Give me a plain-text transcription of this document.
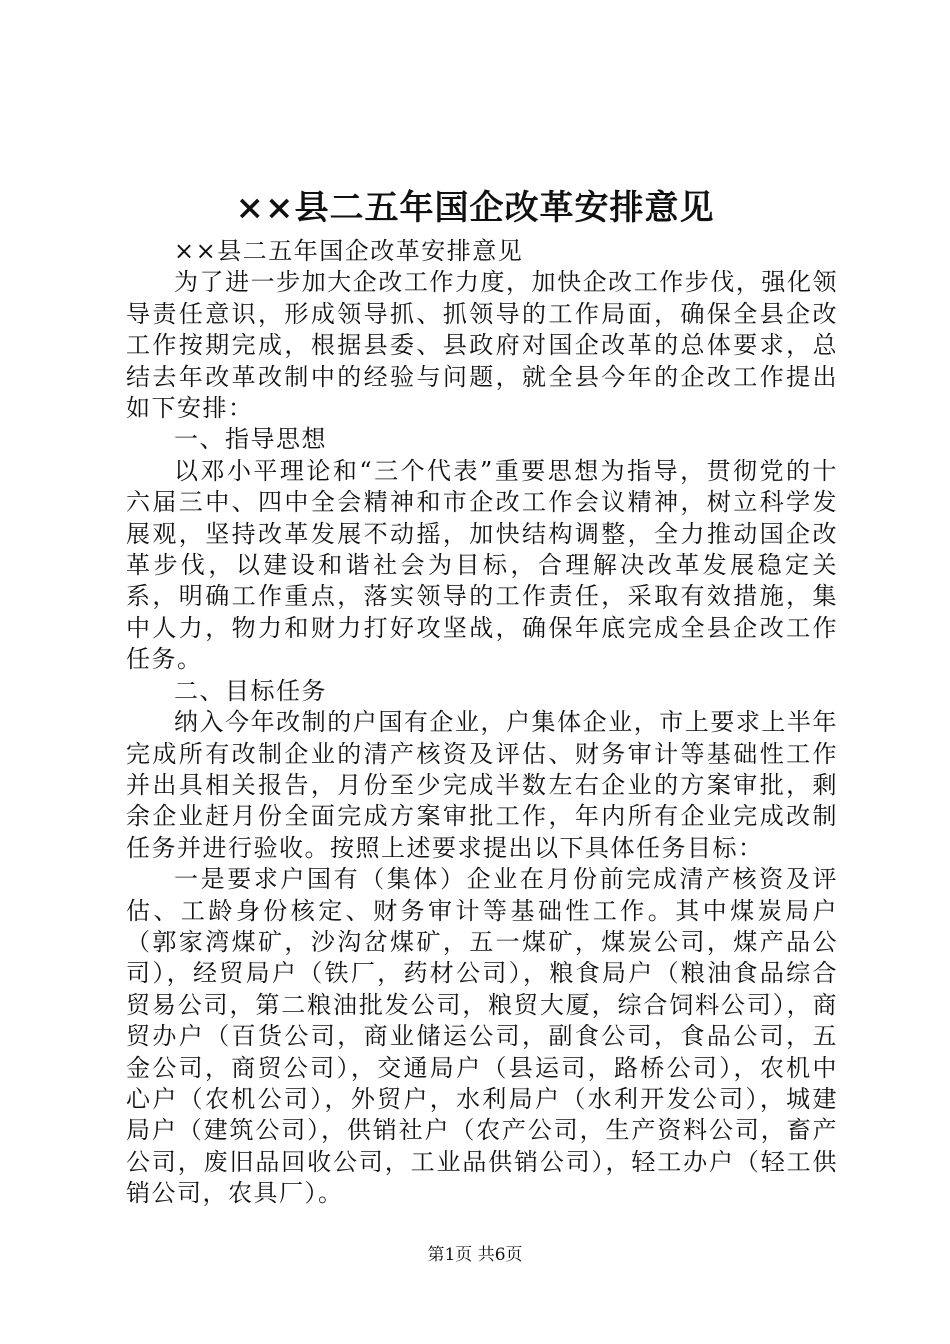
××县二五年国企改革安排意见

××县二五年国企改革安排意见

为了进一步加大企改工作力度，加快企改工作步伐，强化领导责任意识，形成领导抓、抓领导的工作局面，确保全县企改工作按期完成，根据县委、县政府对国企改革的总体要求，总结去年改革改制中的经验与问题，就全县今年的企改工作提出如下安排：

一、指导思想

以邓小平理论和“三个代表”重要思想为指导，贯彻党的十六届三中、四中全会精神和市企改工作会议精神，树立科学发展观，坚持改革发展不动摇，加快结构调整，全力推动国企改革步伐，以建设和谐社会为目标，合理解决改革发展稳定关系，明确工作重点，落实领导的工作责任，采取有效措施，集中人力，物力和财力打好攻坚战，确保年底完成全县企改工作任务。

二、目标任务

纳入今年改制的户国有企业，户集体企业，市上要求上半年完成所有改制企业的清产核资及评估、财务审计等基础性工作并出具相关报告，月份至少完成半数左右企业的方案审批，剩余企业赶月份全面完成方案审批工作，年内所有企业完成改制任务并进行验收。按照上述要求提出以下具体任务目标：

一是要求户国有（集体）企业在月份前完成清产核资及评估、工龄身份核定、财务审计等基础性工作。其中煤炭局户（郭家湾煤矿，沙沟岔煤矿，五一煤矿，煤炭公司，煤产品公司），经贸局户（铁厂，药材公司），粮食局户（粮油食品综合贸易公司，第二粮油批发公司，粮贸大厦，综合饲料公司），商贸办户（百货公司，商业储运公司，副食公司，食品公司，五金公司，商贸公司），交通局户（县运司，路桥公司），农机中心户（农机公司），外贸户，水利局户（水利开发公司），城建局户（建筑公司），供销社户（农产公司，生产资料公司，畜产公司，废旧品回收公司，工业品供销公司），轻工办户（轻工供销公司，农具厂）。

第1页 共6页
